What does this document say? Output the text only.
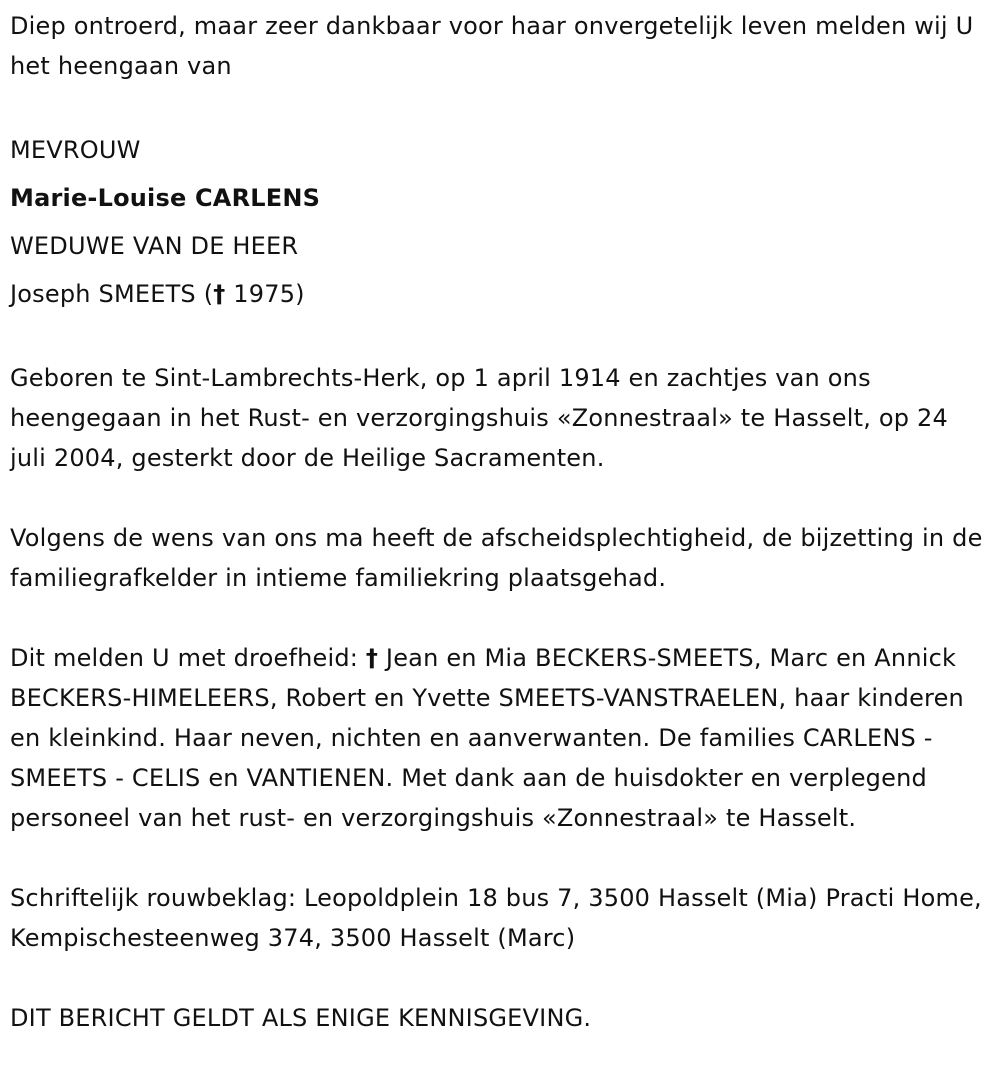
Diep ontroerd, maar zeer dankbaar voor haar onvergetelijk leven melden wij U het heengaan van

MEVROUW

Marie-Louise CARLENS

WEDUWE VAN DE HEER

Joseph SMEETS († 1975)

Geboren te Sint-Lambrechts-Herk, op 1 april 1914 en zachtjes van ons heengegaan in het Rust- en verzorgingshuis «Zonnestraal» te Hasselt, op 24 juli 2004, gesterkt door de Heilige Sacramenten.

Volgens de wens van ons ma heeft de afscheidsplechtigheid, de bijzetting in de familiegrafkelder in intieme familiekring plaatsgehad.

Dit melden U met droefheid: † Jean en Mia BECKERS-SMEETS, Marc en Annick BECKERS-HIMELEERS, Robert en Yvette SMEETS-VANSTRAELEN, haar kinderen en kleinkind. Haar neven, nichten en aanverwanten. De families CARLENS - SMEETS - CELIS en VANTIENEN. Met dank aan de huisdokter en verplegend personeel van het rust- en verzorgingshuis «Zonnestraal» te Hasselt.

Schriftelijk rouwbeklag: Leopoldplein 18 bus 7, 3500 Hasselt (Mia) Practi Home, Kempischesteenweg 374, 3500 Hasselt (Marc)

DIT BERICHT GELDT ALS ENIGE KENNISGEVING.
